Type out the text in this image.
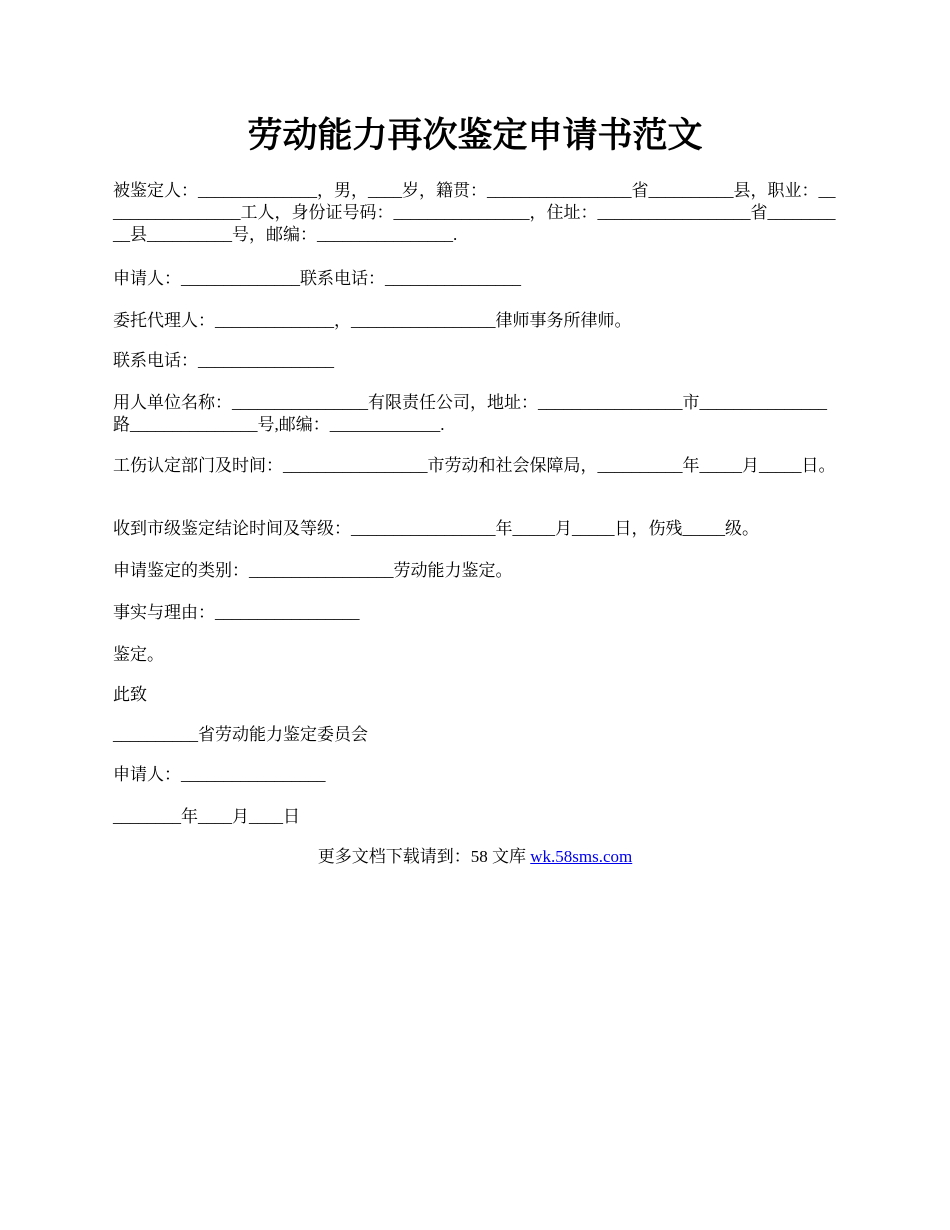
劳动能力再次鉴定申请书范文

被鉴定人：______________，男，____岁，籍贯：_________________省__________县，职业：_________________工人，身份证号码：________________，住址：__________________省__________县__________号，邮编：________________.

申请人：______________联系电话：________________

委托代理人：______________，_________________律师事务所律师。

联系电话：________________

用人单位名称：________________有限责任公司，地址：_________________市_______________路_______________号,邮编：_____________.

工伤认定部门及时间：_________________市劳动和社会保障局，__________年_____月_____日。

收到市级鉴定结论时间及等级：_________________年_____月_____日，伤残_____级。

申请鉴定的类别：_________________劳动能力鉴定。

事实与理由：_________________

鉴定。

此致

__________省劳动能力鉴定委员会

申请人：_________________

________年____月____日

更多文档下载请到：58 文库 wk.58sms.com
